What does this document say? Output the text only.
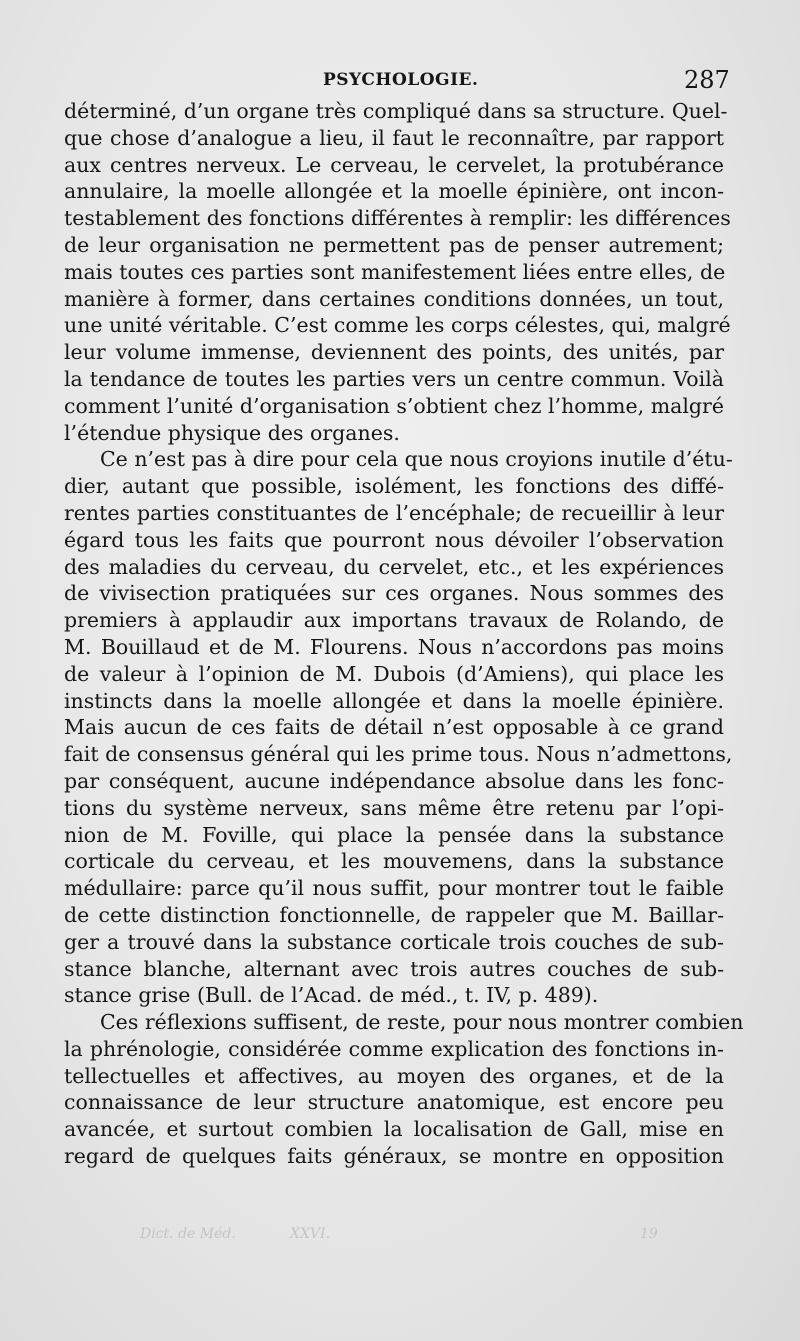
PSYCHOLOGIE.	287
déterminé, d’un organe très compliqué dans sa structure. Quel-
que chose d’analogue a lieu, il faut le reconnaître, par rapport
aux centres nerveux. Le cerveau, le cervelet, la protubérance
annulaire, la moelle allongée et la moelle épinière, ont incon-
testablement des fonctions différentes à remplir: les différences
de leur organisation ne permettent pas de penser autrement;
mais toutes ces parties sont manifestement liées entre elles, de
manière à former, dans certaines conditions données, un tout,
une unité véritable. C’est comme les corps célestes, qui, malgré
leur volume immense, deviennent des points, des unités, par
la tendance de toutes les parties vers un centre commun. Voilà
comment l’unité d’organisation s’obtient chez l’homme, malgré
l’étendue physique des organes.
Ce n’est pas à dire pour cela que nous croyions inutile d’étu-
dier, autant que possible, isolément, les fonctions des diffé-
rentes parties constituantes de l’encéphale; de recueillir à leur
égard tous les faits que pourront nous dévoiler l’observation
des maladies du cerveau, du cervelet, etc., et les expériences
de vivisection pratiquées sur ces organes. Nous sommes des
premiers à applaudir aux importans travaux de Rolando, de
M. Bouillaud et de M. Flourens. Nous n’accordons pas moins
de valeur à l’opinion de M. Dubois (d’Amiens), qui place les
instincts dans la moelle allongée et dans la moelle épinière.
Mais aucun de ces faits de détail n’est opposable à ce grand
fait de consensus général qui les prime tous. Nous n’admettons,
par conséquent, aucune indépendance absolue dans les fonc-
tions du système nerveux, sans même être retenu par l’opi-
nion de M. Foville, qui place la pensée dans la substance
corticale du cerveau, et les mouvemens, dans la substance
médullaire: parce qu’il nous suffit, pour montrer tout le faible
de cette distinction fonctionnelle, de rappeler que M. Baillar-
ger a trouvé dans la substance corticale trois couches de sub-
stance blanche, alternant avec trois autres couches de sub-
stance grise (Bull. de l’Acad. de méd., t. IV, p. 489).
Ces réflexions suffisent, de reste, pour nous montrer combien
la phrénologie, considérée comme explication des fonctions in-
tellectuelles et affectives, au moyen des organes, et de la
connaissance de leur structure anatomique, est encore peu
avancée, et surtout combien la localisation de Gall, mise en
regard de quelques faits généraux, se montre en opposition
Dict. de Méd.	XXVI.	19
